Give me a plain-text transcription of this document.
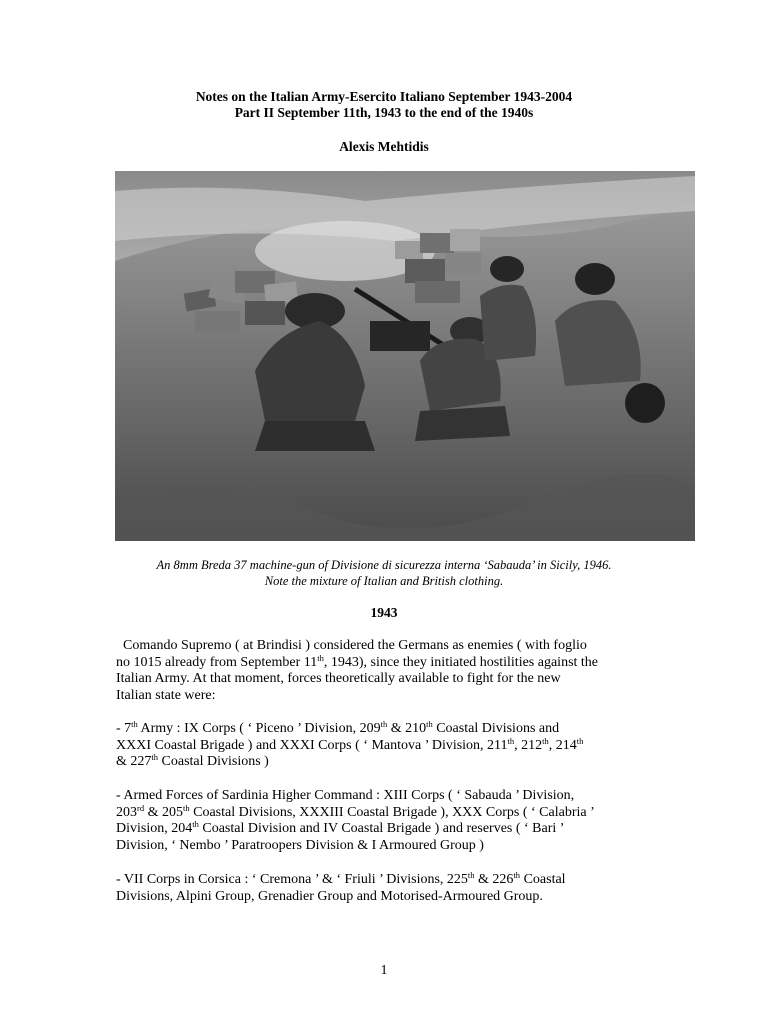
Notes on the Italian Army-Esercito Italiano September 1943-2004
Part II September 11th, 1943 to the end of the 1940s
Alexis Mehtidis
An 8mm Breda 37 machine-gun of Divisione di sicurezza interna ‘Sabauda’ in Sicily, 1946.
Note the mixture of Italian and British clothing.
1943

Comando Supremo ( at Brindisi ) considered the Germans as enemies ( with foglio

no 1015 already from September 11th, 1943), since they initiated hostilities against the

Italian Army. At that moment, forces theoretically available to fight for the new

Italian state were:

- 7th Army : IX Corps ( ‘ Piceno ’ Division, 209th & 210th Coastal Divisions and

XXXI Coastal Brigade ) and XXXI Corps ( ‘ Mantova ’ Division, 211th, 212th, 214th

& 227th Coastal Divisions )

- Armed Forces of Sardinia Higher Command : XIII Corps ( ‘ Sabauda ’ Division,

203rd & 205th Coastal Divisions, XXXIII Coastal Brigade ), XXX Corps ( ‘ Calabria ’

Division, 204th Coastal Division and IV Coastal Brigade ) and reserves ( ‘ Bari ’

Division, ‘ Nembo ’ Paratroopers Division & I Armoured Group )

- VII Corps in Corsica : ‘ Cremona ’ & ‘ Friuli ’ Divisions, 225th & 226th Coastal

Divisions, Alpini Group, Grenadier Group and Motorised-Armoured Group.

1
